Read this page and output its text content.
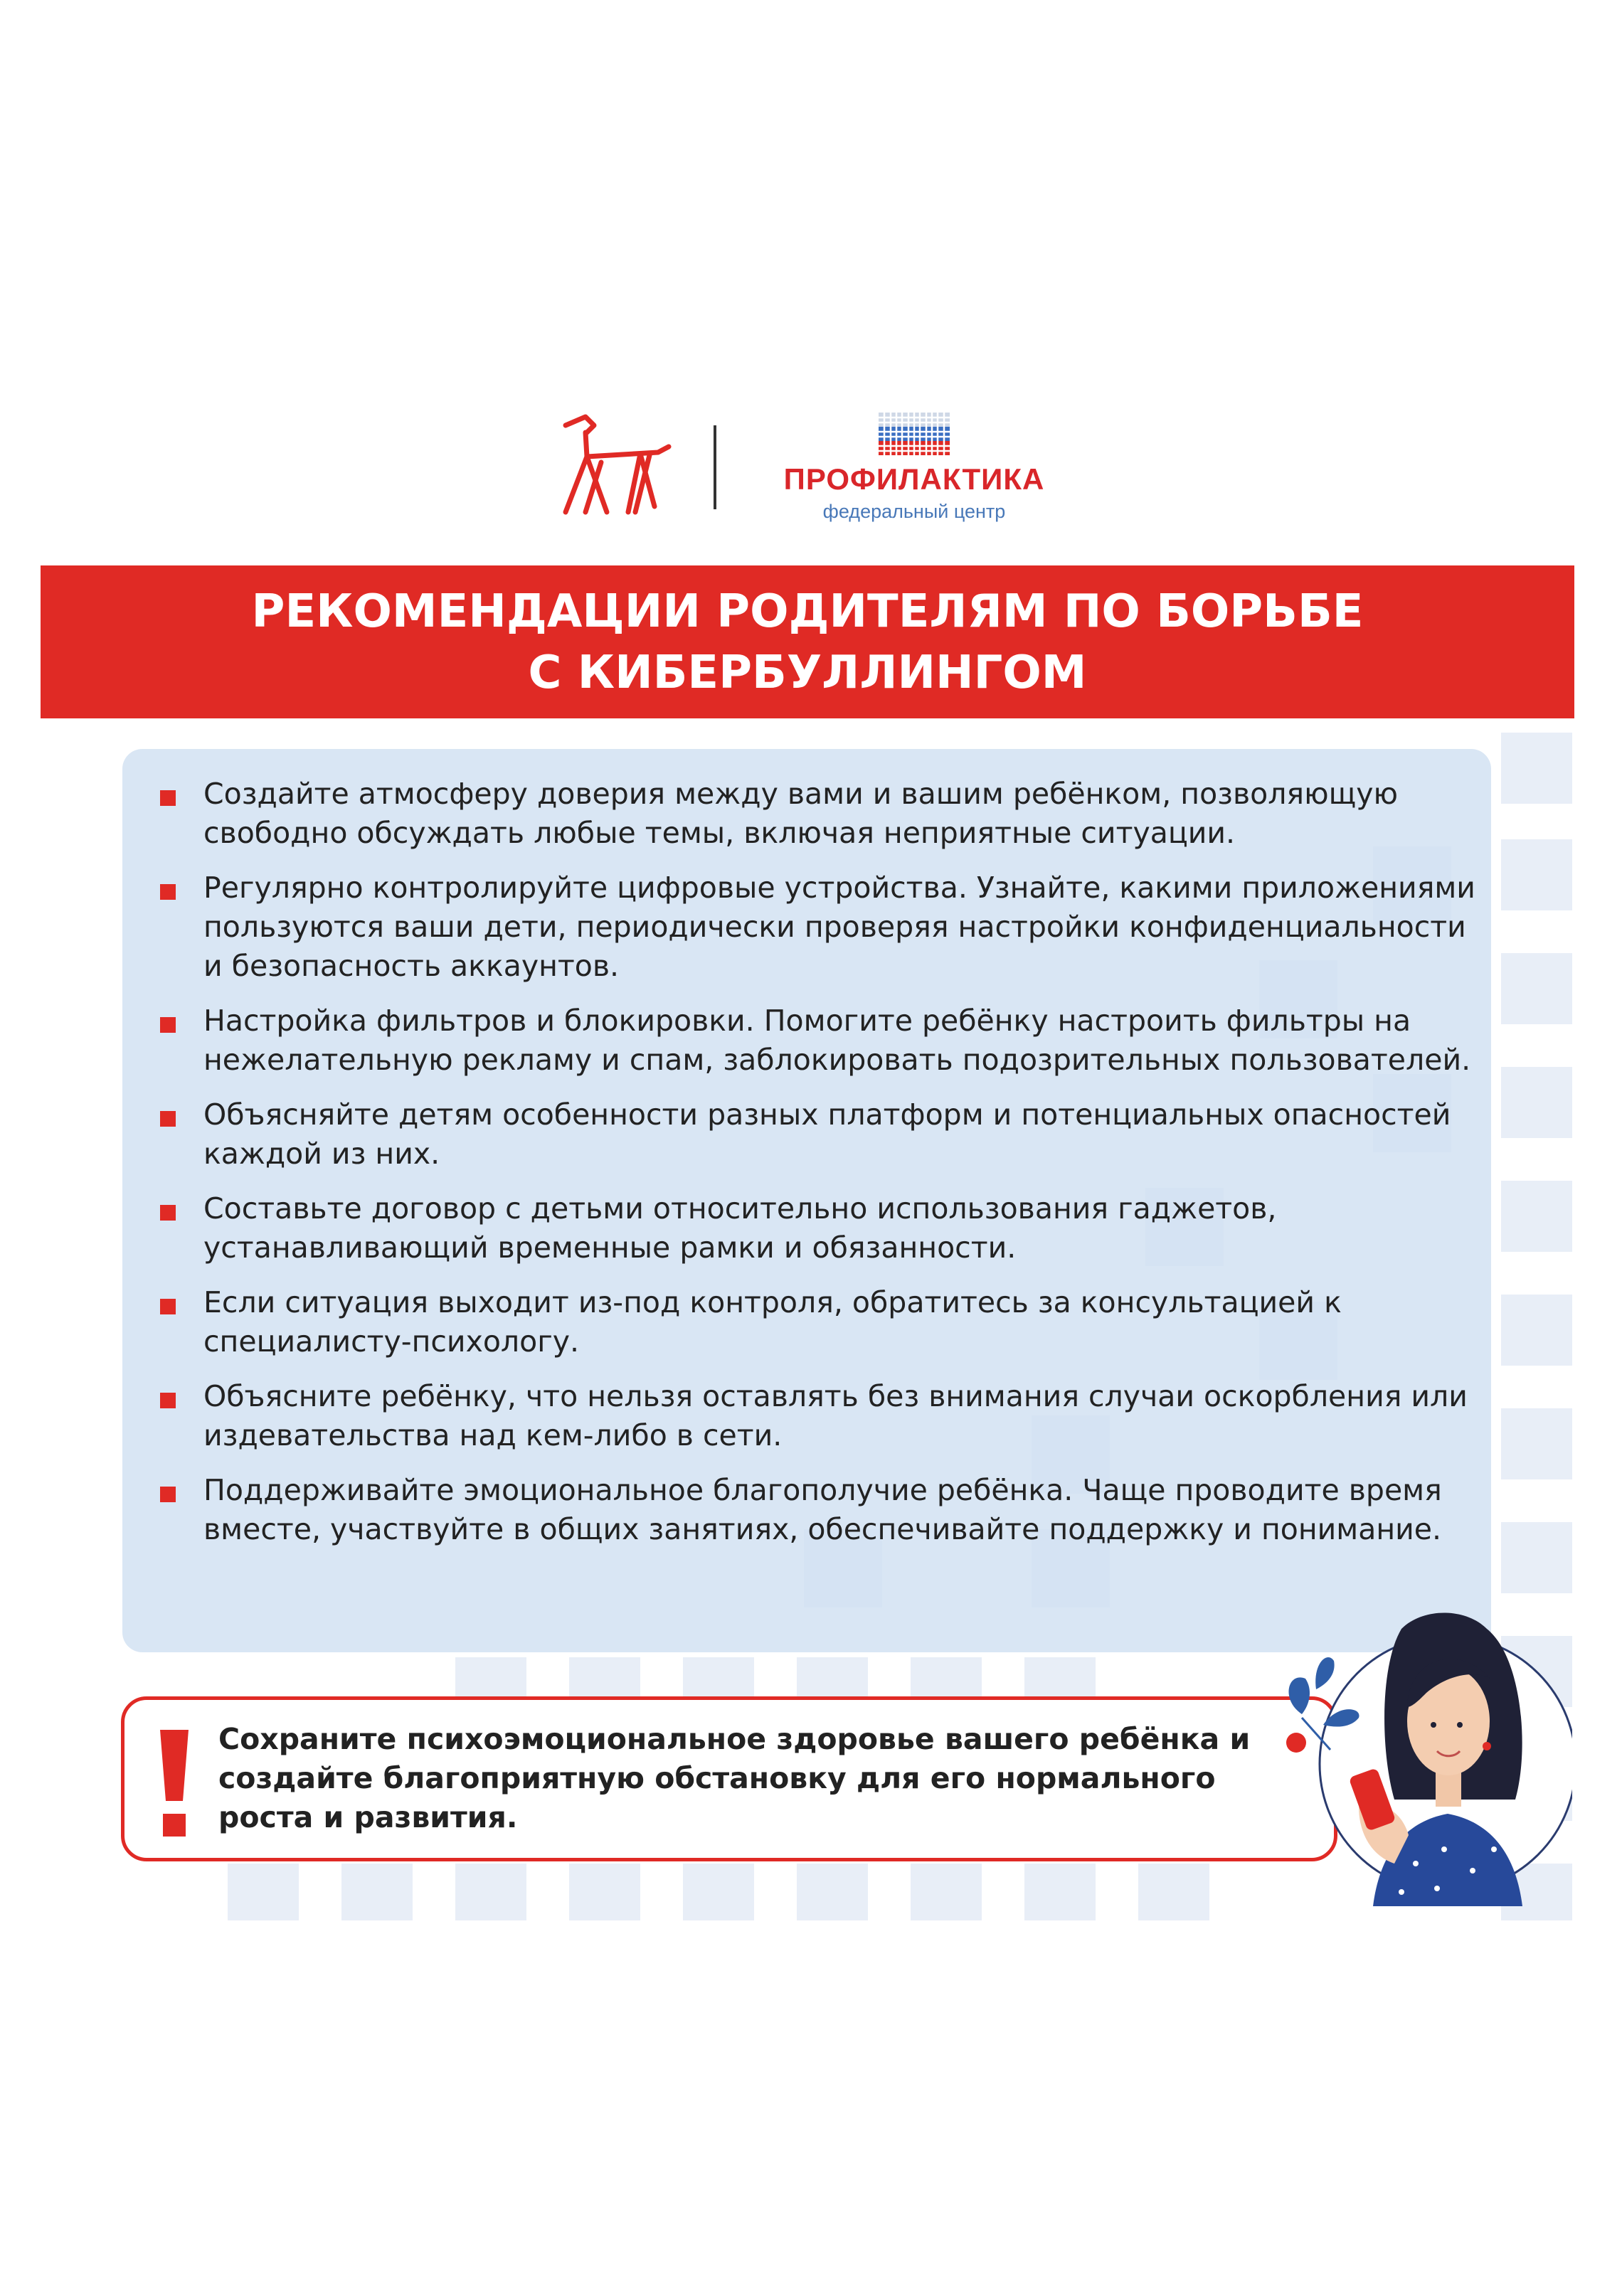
ПРОФИЛАКТИКА
федеральный центр
РЕКОМЕНДАЦИИ РОДИТЕЛЯМ ПО БОРЬБЕ
С КИБЕРБУЛЛИНГОМ
Создайте атмосферу доверия между вами и вашим ребёнком, позволяющую свободно обсуждать любые темы, включая неприятные ситуации.
Регулярно контролируйте цифровые устройства. Узнайте, какими приложениями пользуются ваши дети, периодически проверяя настройки конфиденциальности и безопасность аккаунтов.
Настройка фильтров и блокировки. Помогите ребёнку настроить фильтры на нежелательную рекламу и спам, заблокировать подозрительных пользователей.
Объясняйте детям особенности разных платформ и потенциальных опасностей каждой из них.
Составьте договор с детьми относительно использования гаджетов, устанавливающий временные рамки и обязанности.
Если ситуация выходит из-под контроля, обратитесь за консультацией к специалисту-психологу.
Объясните ребёнку, что нельзя оставлять без внимания случаи оскорбления или издевательства над кем-либо в сети.
Поддерживайте эмоциональное благополучие ребёнка. Чаще проводите время вместе, участвуйте в общих занятиях, обеспечивайте поддержку и понимание.
Сохраните психоэмоциональное здоровье вашего ребёнка и создайте благоприятную обстановку для его нормального роста и развития.
